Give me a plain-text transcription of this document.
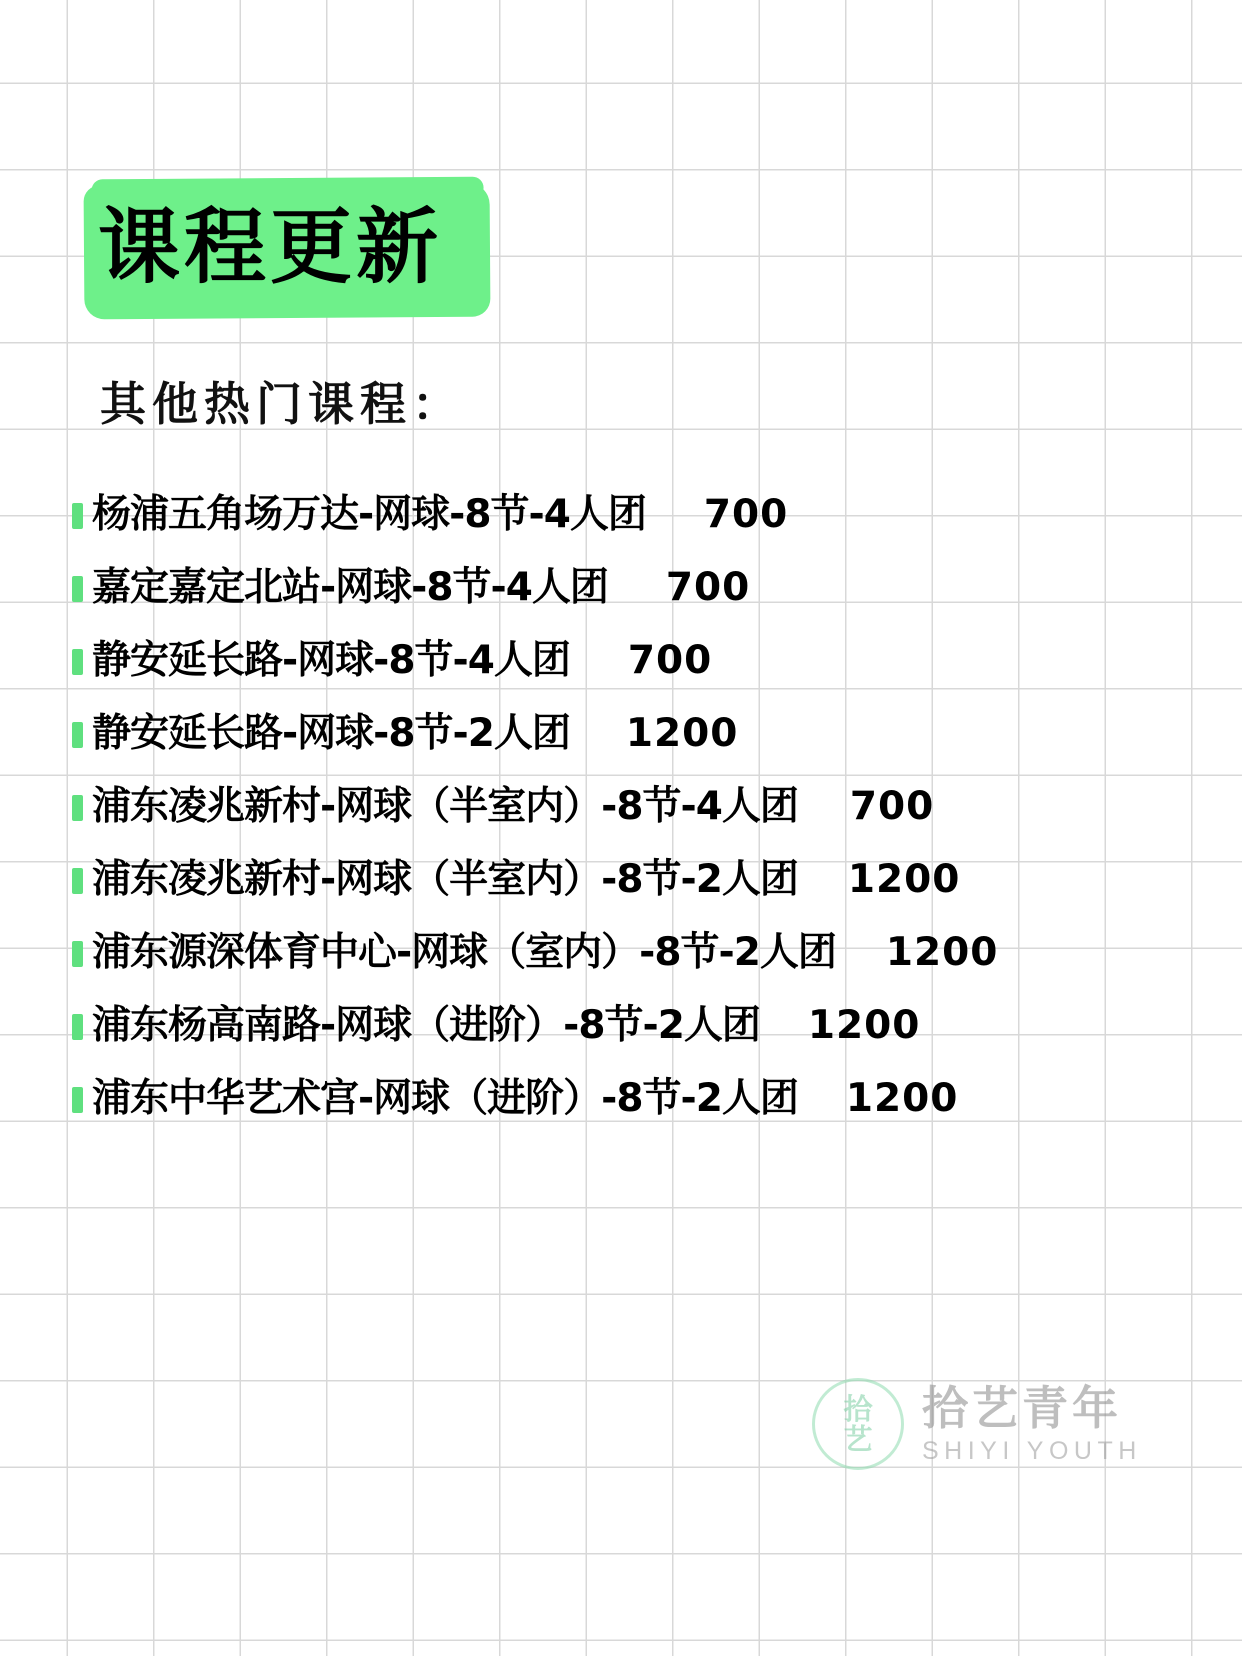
课程更新
其他热门课程：
杨浦五角场万达-网球-8节-4人团 700
嘉定嘉定北站-网球-8节-4人团 700
静安延长路-网球-8节-4人团 700
静安延长路-网球-8节-2人团 1200
浦东凌兆新村-网球（半室内）-8节-4人团 700
浦东凌兆新村-网球（半室内）-8节-2人团 1200
浦东源深体育中心-网球（室内）-8节-2人团 1200
浦东杨高南路-网球（进阶）-8节-2人团 1200
浦东中华艺术宫-网球（进阶）-8节-2人团 1200
拾
艺
拾艺青年
SHIYI YOUTH
